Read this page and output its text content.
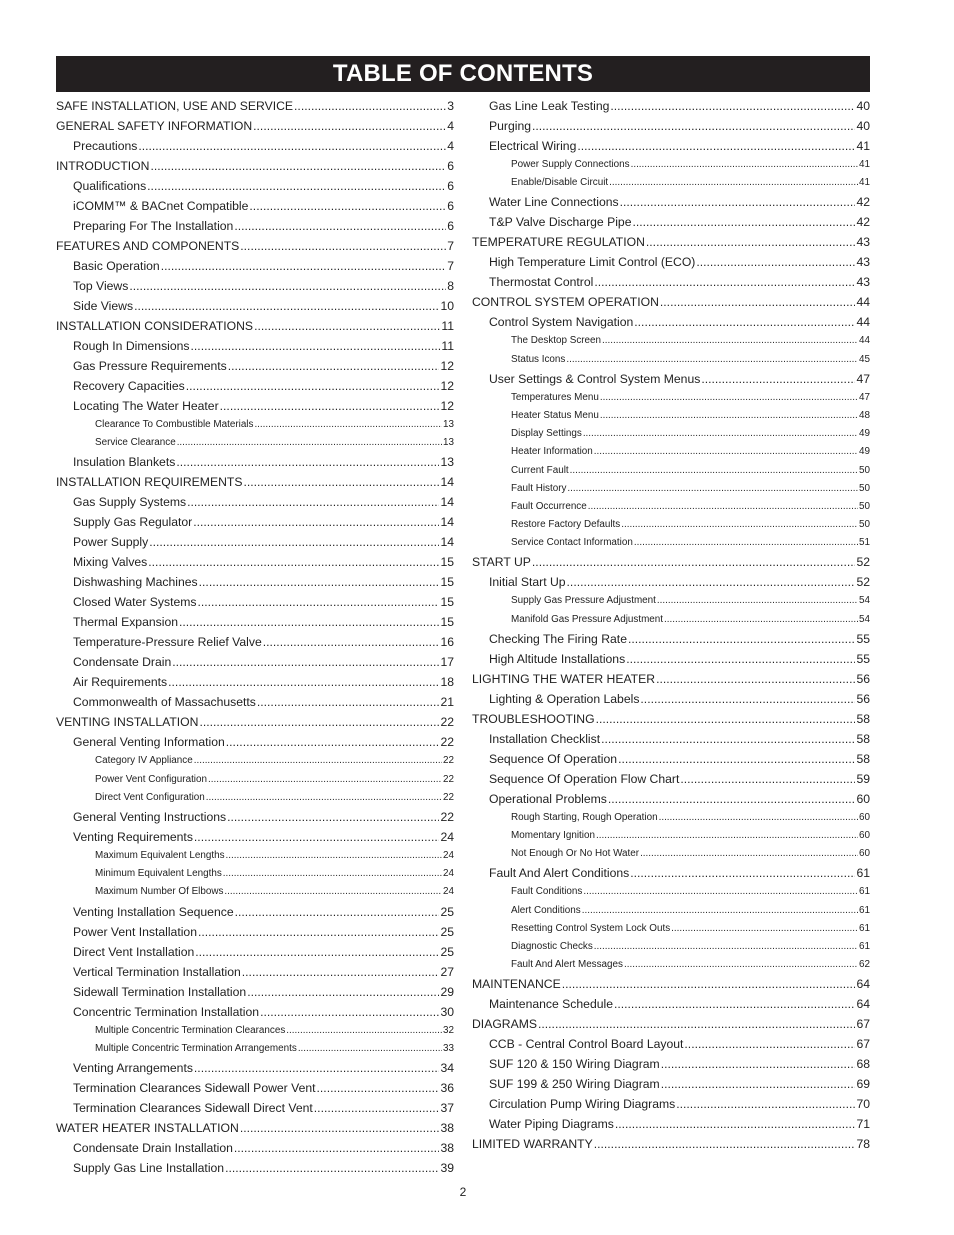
TABLE OF CONTENTS
SAFE INSTALLATION, USE AND SERVICE .....	3
GENERAL SAFETY INFORMATION .....	4
Precautions .....	4
INTRODUCTION .....	6
Qualifications .....	6
iCOMM™ & BACnet Compatible .....	6
Preparing For The Installation .....	6
FEATURES AND COMPONENTS .....	7
Basic Operation .....	7
Top Views .....	8
Side Views .....	10
INSTALLATION CONSIDERATIONS .....	11
Rough In Dimensions .....	11
Gas Pressure Requirements .....	12
Recovery Capacities .....	12
Locating The Water Heater .....	12
Clearance To Combustible Materials .....	13
Service Clearance .....	13
Insulation Blankets .....	13
INSTALLATION REQUIREMENTS .....	14
Gas Supply Systems .....	14
Supply Gas Regulator .....	14
Power Supply .....	14
Mixing Valves .....	15
Dishwashing Machines .....	15
Closed Water Systems .....	15
Thermal Expansion .....	15
Temperature-Pressure Relief Valve .....	16
Condensate Drain .....	17
Air Requirements .....	18
Commonwealth of Massachusetts .....	21
VENTING INSTALLATION .....	22
General Venting Information .....	22
Category IV Appliance .....	22
Power Vent Configuration .....	22
Direct Vent Configuration .....	22
General Venting Instructions .....	22
Venting Requirements .....	24
Maximum Equivalent Lengths .....	24
Minimum Equivalent Lengths .....	24
Maximum Number Of Elbows .....	24
Venting Installation Sequence .....	25
Power Vent Installation .....	25
Direct Vent Installation .....	25
Vertical Termination Installation .....	27
Sidewall Termination Installation .....	29
Concentric Termination Installation .....	30
Multiple Concentric Termination Clearances .....	32
Multiple Concentric Termination Arrangements .....	33
Venting Arrangements .....	34
Termination Clearances Sidewall Power Vent .....	36
Termination Clearances Sidewall Direct Vent .....	37
WATER HEATER INSTALLATION .....	38
Condensate Drain Installation .....	38
Supply Gas Line Installation .....	39
Gas Line Leak Testing .....	40
Purging .....	40
Electrical Wiring .....	41
Power Supply Connections .....	41
Enable/Disable Circuit .....	41
Water Line Connections .....	42
T&P Valve Discharge Pipe .....	42
TEMPERATURE REGULATION .....	43
High Temperature Limit Control (ECO) .....	43
Thermostat Control .....	43
CONTROL SYSTEM OPERATION .....	44
Control System Navigation .....	44
The Desktop Screen .....	44
Status Icons .....	45
User Settings & Control System Menus .....	47
Temperatures Menu .....	47
Heater Status Menu .....	48
Display Settings .....	49
Heater Information .....	49
Current Fault .....	50
Fault History .....	50
Fault Occurrence .....	50
Restore Factory Defaults .....	50
Service Contact Information .....	51
START UP .....	52
Initial Start Up .....	52
Supply Gas Pressure Adjustment .....	54
Manifold Gas Pressure Adjustment .....	54
Checking The Firing Rate .....	55
High Altitude Installations .....	55
LIGHTING THE WATER HEATER .....	56
Lighting & Operation Labels .....	56
TROUBLESHOOTING .....	58
Installation Checklist .....	58
Sequence Of Operation .....	58
Sequence Of Operation Flow Chart .....	59
Operational Problems .....	60
Rough Starting, Rough Operation .....	60
Momentary Ignition .....	60
Not Enough Or No Hot Water .....	60
Fault And Alert Conditions .....	61
Fault Conditions .....	61
Alert Conditions .....	61
Resetting Control System Lock Outs .....	61
Diagnostic Checks .....	61
Fault And Alert Messages .....	62
MAINTENANCE .....	64
Maintenance Schedule .....	64
DIAGRAMS .....	67
CCB - Central Control Board Layout .....	67
SUF 120 & 150 Wiring Diagram .....	68
SUF 199 & 250 Wiring Diagram .....	69
Circulation Pump Wiring Diagrams .....	70
Water Piping Diagrams .....	71
LIMITED WARRANTY .....	78
2
